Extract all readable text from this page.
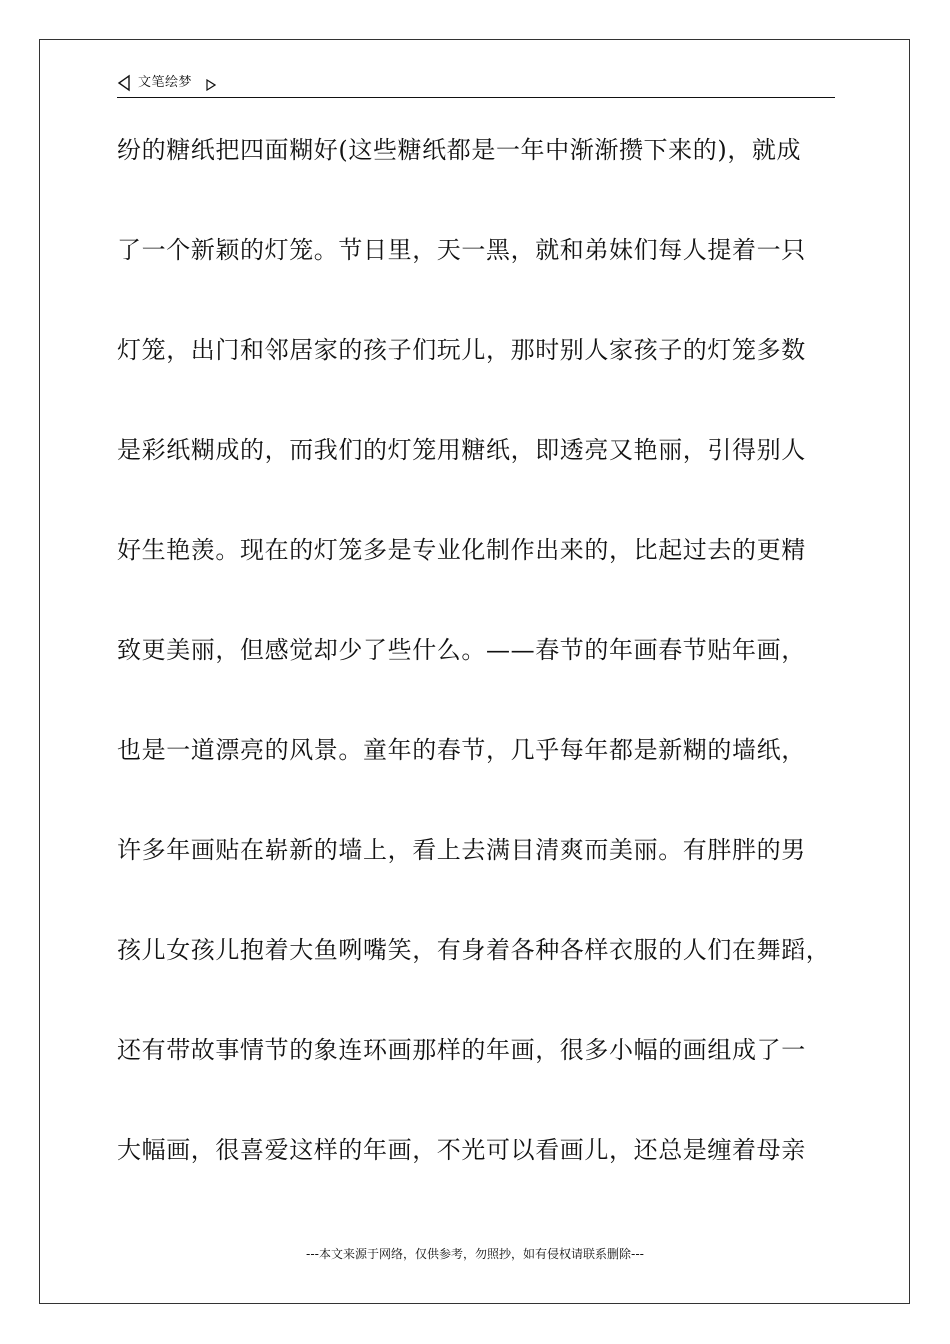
文笔绘梦
纷的糖纸把四面糊好(这些糖纸都是一年中渐渐攒下来的)，就成
了一个新颖的灯笼。节日里，天一黑，就和弟妹们每人提着一只
灯笼，出门和邻居家的孩子们玩儿，那时别人家孩子的灯笼多数
是彩纸糊成的，而我们的灯笼用糖纸，即透亮又艳丽，引得别人
好生艳羡。现在的灯笼多是专业化制作出来的，比起过去的更精
致更美丽，但感觉却少了些什么。——春节的年画春节贴年画，
也是一道漂亮的风景。童年的春节，几乎每年都是新糊的墙纸，
许多年画贴在崭新的墙上，看上去满目清爽而美丽。有胖胖的男
孩儿女孩儿抱着大鱼咧嘴笑，有身着各种各样衣服的人们在舞蹈，
还有带故事情节的象连环画那样的年画，很多小幅的画组成了一
大幅画，很喜爱这样的年画，不光可以看画儿，还总是缠着母亲
---本文来源于网络，仅供参考，勿照抄，如有侵权请联系删除---
